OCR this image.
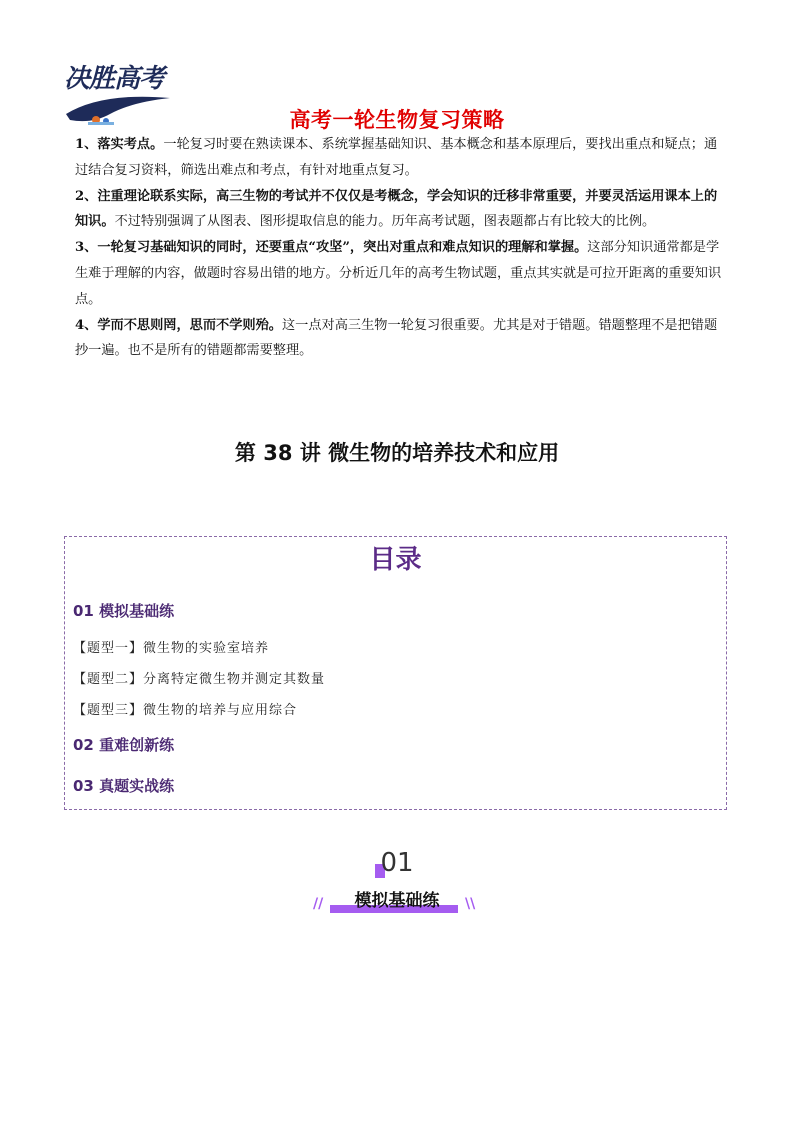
决胜高考
高考一轮生物复习策略

1、落实考点。一轮复习时要在熟读课本、系统掌握基础知识、基本概念和基本原理后，要找出重点和疑点；通过结合复习资料，筛选出难点和考点，有针对地重点复习。

2、注重理论联系实际，高三生物的考试并不仅仅是考概念，学会知识的迁移非常重要，并要灵活运用课本上的知识。不过特别强调了从图表、图形提取信息的能力。历年高考试题，图表题都占有比较大的比例。

3、一轮复习基础知识的同时，还要重点“攻坚”，突出对重点和难点知识的理解和掌握。这部分知识通常都是学生难于理解的内容，做题时容易出错的地方。分析近几年的高考生物试题，重点其实就是可拉开距离的重要知识点。

4、学而不思则罔，思而不学则殆。这一点对高三生物一轮复习很重要。尤其是对于错题。错题整理不是把错题抄一遍。也不是所有的错题都需要整理。

第 38 讲 微生物的培养技术和应用
目录
01 模拟基础练
【题型一】微生物的实验室培养
【题型二】分离特定微生物并测定其数量
【题型三】微生物的培养与应用综合
02 重难创新练
03 真题实战练
01
//	模拟基础练	\\
